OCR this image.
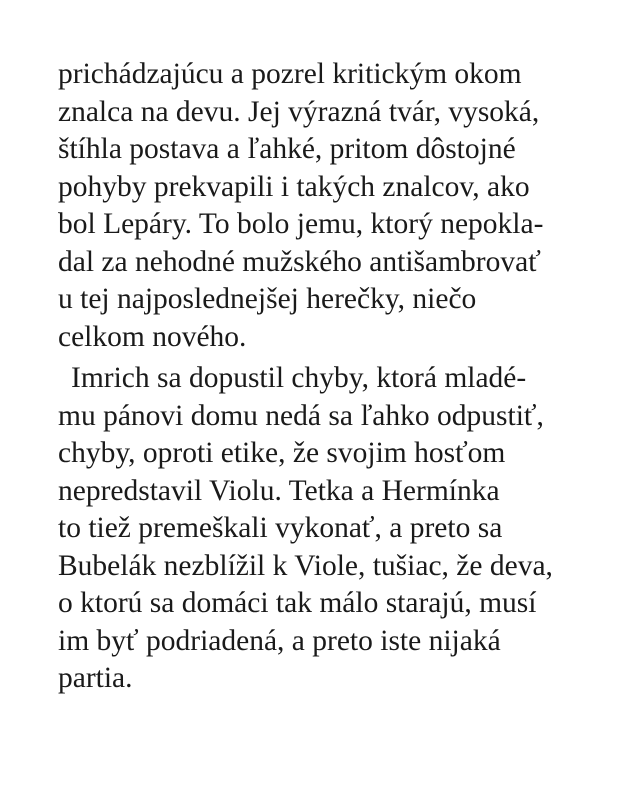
prichádzajúcu a pozrel kritickým okom
znalca na devu. Jej výrazná tvár, vysoká,
štíhla postava a ľahké, pritom dôstojné
pohyby prekvapili i takých znalcov, ako
bol Lepáry. To bolo jemu, ktorý nepokla-
dal za nehodné mužského antišambrovať
u tej najposlednejšej herečky, niečo
celkom nového.
Imrich sa dopustil chyby, ktorá mladé-
mu pánovi domu nedá sa ľahko odpustiť,
chyby, oproti etike, že svojim hosťom
nepredstavil Violu. Tetka a Hermínka
to tiež premeškali vykonať, a preto sa
Bubelák nezblížil k Viole, tušiac, že deva,
o ktorú sa domáci tak málo starajú, musí
im byť podriadená, a preto iste nijaká
partia.
